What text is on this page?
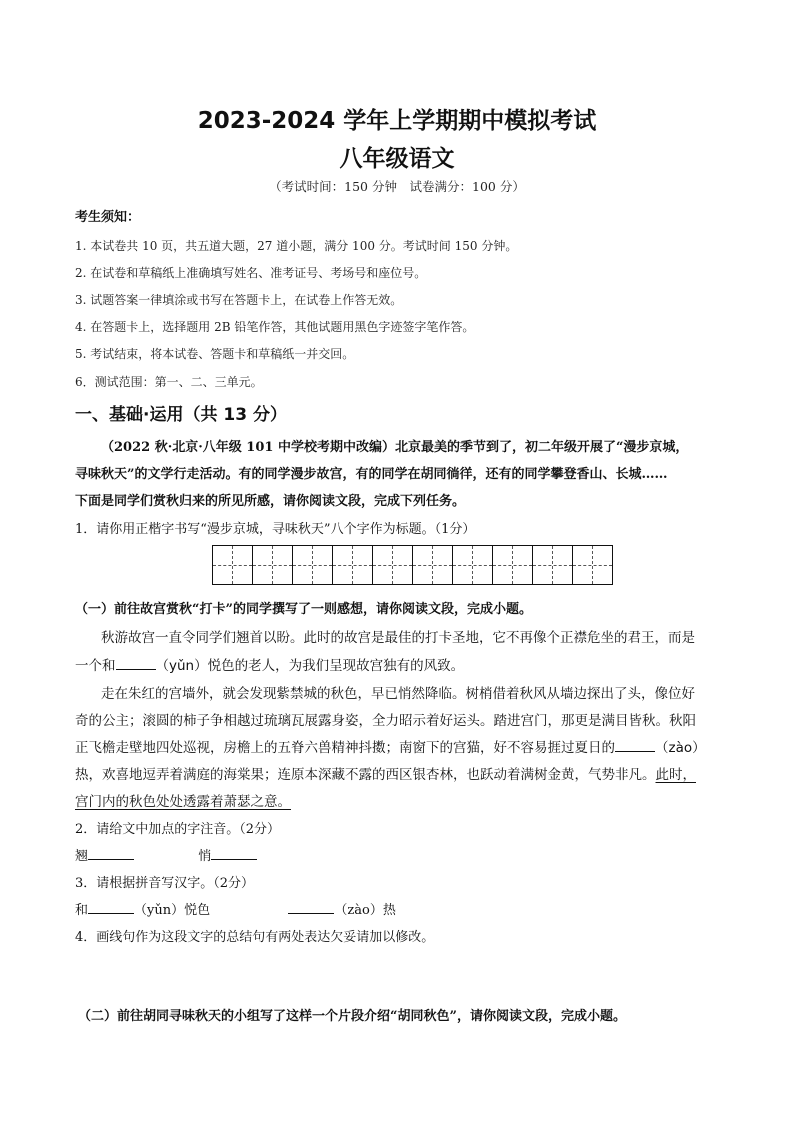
2023-2024 学年上学期期中模拟考试
八年级语文
（考试时间：150 分钟　试卷满分：100 分）
考生须知：
1. 本试卷共 10 页，共五道大题，27 道小题，满分 100 分。考试时间 150 分钟。
2. 在试卷和草稿纸上准确填写姓名、准考证号、考场号和座位号。
3. 试题答案一律填涂或书写在答题卡上，在试卷上作答无效。
4. 在答题卡上，选择题用 2B 铅笔作答，其他试题用黑色字迹签字笔作答。
5. 考试结束，将本试卷、答题卡和草稿纸一并交回。
6．测试范围：第一、二、三单元。
一、基础·运用（共 13 分）
（2022 秋·北京·八年级 101 中学校考期中改编）北京最美的季节到了，初二年级开展了“漫步京城，
寻味秋天”的文学行走活动。有的同学漫步故宫，有的同学在胡同徜徉，还有的同学攀登香山、长城……
下面是同学们赏秋归来的所见所感，请你阅读文段，完成下列任务。
1．请你用正楷字书写“漫步京城，寻味秋天”八个字作为标题。（1分）
（一）前往故宫赏秋“打卡”的同学撰写了一则感想，请你阅读文段，完成小题。
秋游故宫一直令同学们翘首以盼。此时的故宫是最佳的打卡圣地，它不再像个正襟危坐的君王，而是
一个和	（yǔn）悦色的老人，为我们呈现故宫独有的风致。
走在朱红的宫墙外，就会发现紫禁城的秋色，早已悄然降临。树梢借着秋风从墙边探出了头，像位好
奇的公主；滚圆的柿子争相越过琉璃瓦展露身姿，全力昭示着好运头。踏进宫门，那更是满目皆秋。秋阳
正飞檐走壁地四处巡视，房檐上的五脊六兽精神抖擞；南窗下的宫猫，好不容易捱过夏日的	（zào）
热，欢喜地逗弄着满庭的海棠果；连原本深藏不露的西区银杏林，也跃动着满树金黄，气势非凡。此时，
宫门内的秋色处处透露着萧瑟之意。
2．请给文中加点的字注音。（2分）
翘	悄
3．请根据拼音写汉字。（2分）
和	（yǔn）悦色	（zào）热
4．画线句作为这段文字的总结句有两处表达欠妥请加以修改。
（二）前往胡同寻味秋天的小组写了这样一个片段介绍“胡同秋色”，请你阅读文段，完成小题。
